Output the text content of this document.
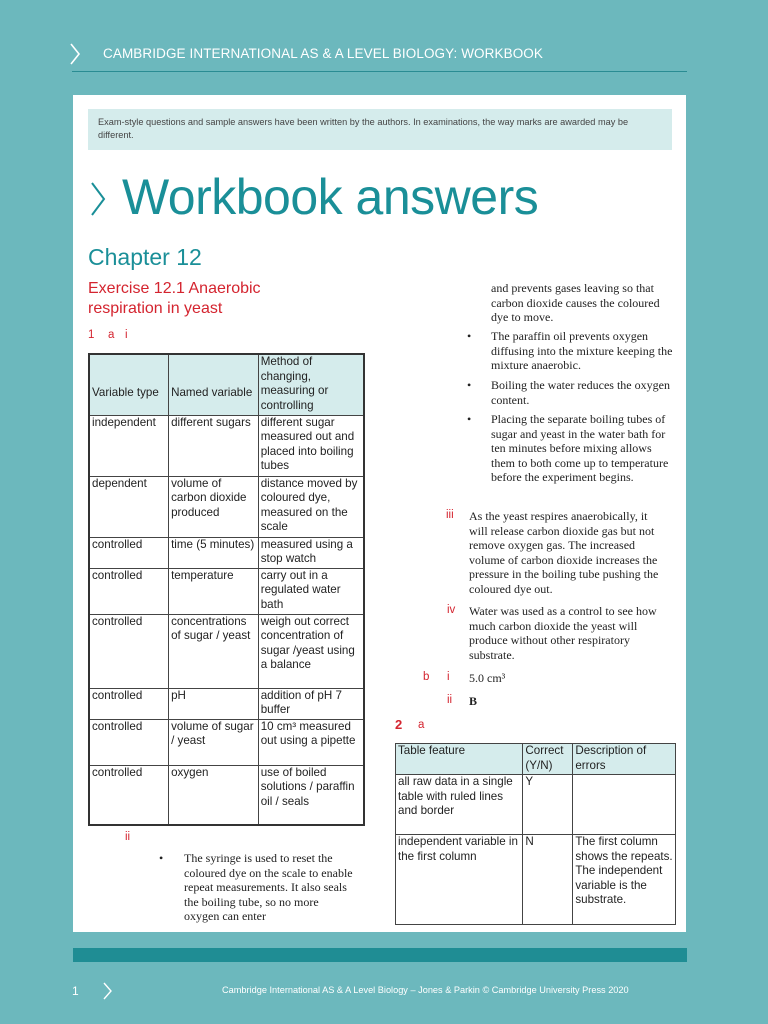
CAMBRIDGE INTERNATIONAL AS & A LEVEL BIOLOGY: WORKBOOK
Exam-style questions and sample answers have been written by the authors. In examinations, the way marks are awarded may be different.
Workbook answers
Chapter 12
Exercise 12.1 Anaerobic respiration in yeast
1 a i
Variable type	Named variable	Method of changing, measuring or controlling
independent	different sugars	different sugar measured out and placed into boiling tubes
dependent	volume of carbon dioxide produced	distance moved by coloured dye, measured on the scale
controlled	time (5 minutes)	measured using a stop watch
controlled	temperature	carry out in a regulated water bath
controlled	concentrations of sugar / yeast	weigh out correct concentration of sugar /yeast using a balance
controlled	pH	addition of pH 7 buffer
controlled	volume of sugar / yeast	10 cm³ measured out using a pipette
controlled	oxygen	use of boiled solutions / paraffin oil / seals
ii
• The syringe is used to reset the coloured dye on the scale to enable repeat measurements. It also seals the boiling tube, so no more oxygen can enter
and prevents gases leaving so that carbon dioxide causes the coloured dye to move.
• The paraffin oil prevents oxygen diffusing into the mixture keeping the mixture anaerobic.
• Boiling the water reduces the oxygen content.
• Placing the separate boiling tubes of sugar and yeast in the water bath for ten minutes before mixing allows them to both come up to temperature before the experiment begins.
iii As the yeast respires anaerobically, it will release carbon dioxide gas but not remove oxygen gas. The increased volume of carbon dioxide increases the pressure in the boiling tube pushing the coloured dye out.
iv Water was used as a control to see how much carbon dioxide the yeast will produce without other respiratory substrate.
b i 5.0 cm³
ii B
2 a
Table feature	Correct (Y/N)	Description of errors
all raw data in a single table with ruled lines and border	Y	
independent variable in the first column	N	The first column shows the repeats. The independent variable is the substrate.
1	Cambridge International AS & A Level Biology – Jones & Parkin © Cambridge University Press 2020
